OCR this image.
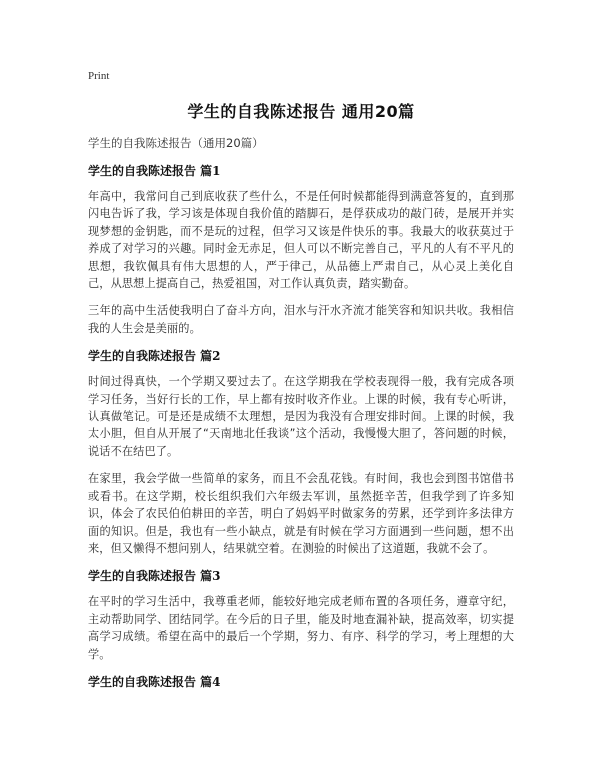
Print
学生的自我陈述报告 通用20篇
学生的自我陈述报告（通用20篇）
学生的自我陈述报告 篇1

年高中，我常问自己到底收获了些什么，不是任何时候都能得到满意答复的，直到那闪电告诉了我，学习该是体现自我价值的踏脚石，是俘获成功的敲门砖，是展开并实现梦想的金钥匙，而不是玩的过程，但学习又该是件快乐的事。我最大的收获莫过于养成了对学习的兴趣。同时金无赤足，但人可以不断完善自己，平凡的人有不平凡的思想，我钦佩具有伟大思想的人，严于律己，从品德上严肃自己，从心灵上美化自己，从思想上提高自己，热爱祖国，对工作认真负责，踏实勤奋。

三年的高中生活使我明白了奋斗方向，泪水与汗水齐流才能笑容和知识共收。我相信我的人生会是美丽的。

学生的自我陈述报告 篇2

时间过得真快，一个学期又要过去了。在这学期我在学校表现得一般，我有完成各项学习任务，当好行长的工作，早上都有按时收齐作业。上课的时候，我有专心听讲，认真做笔记。可是还是成绩不太理想，是因为我没有合理安排时间。上课的时候，我太小胆，但自从开展了“天南地北任我谈”这个活动，我慢慢大胆了，答问题的时候，说话不在结巴了。

在家里，我会学做一些简单的家务，而且不会乱花钱。有时间，我也会到图书馆借书或看书。在这学期，校长组织我们六年级去军训，虽然挺辛苦，但我学到了许多知识，体会了农民伯伯耕田的辛苦，明白了妈妈平时做家务的劳累，还学到许多法律方面的知识。但是，我也有一些小缺点，就是有时候在学习方面遇到一些问题，想不出来，但又懒得不想问别人，结果就空着。在测验的时候出了这道题，我就不会了。

学生的自我陈述报告 篇3

在平时的学习生活中，我尊重老师，能较好地完成老师布置的各项任务，遵章守纪，主动帮助同学、团结同学。在今后的日子里，能及时地查漏补缺，提高效率，切实提高学习成绩。希望在高中的最后一个学期，努力、有序、科学的学习，考上理想的大学。

学生的自我陈述报告 篇4
